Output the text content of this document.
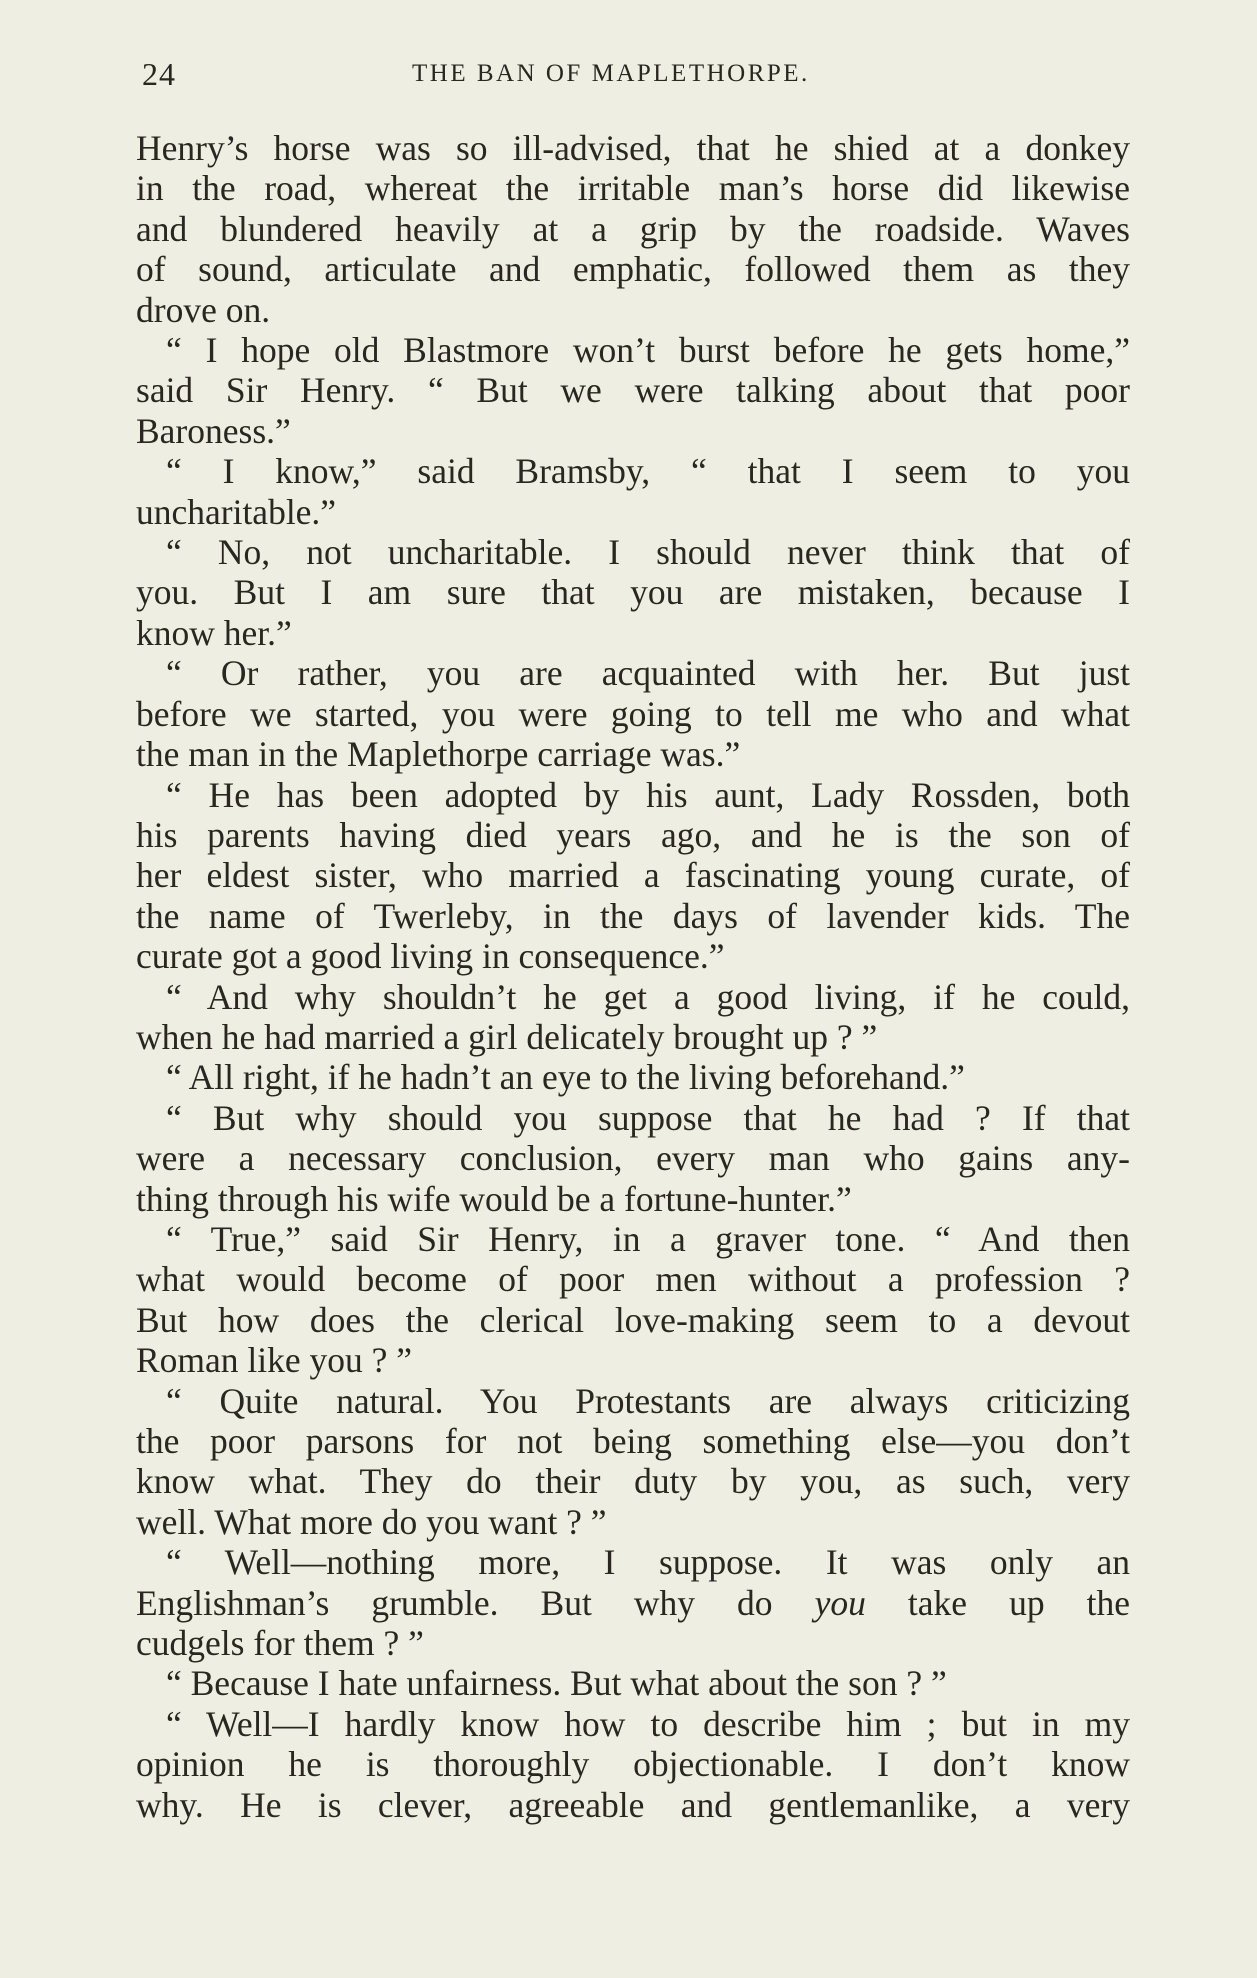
24	THE BAN OF MAPLETHORPE.
Henry’s horse was so ill-advised, that he shied at a donkey
in the road, whereat the irritable man’s horse did likewise
and blundered heavily at a grip by the roadside. Waves
of sound, articulate and emphatic, followed them as they
drove on.
“ I hope old Blastmore won’t burst before he gets home,”
said Sir Henry. “ But we were talking about that poor
Baroness.”
“ I know,” said Bramsby, “ that I seem to you
uncharitable.”
“ No, not uncharitable. I should never think that of
you. But I am sure that you are mistaken, because I
know her.”
“ Or rather, you are acquainted with her. But just
before we started, you were going to tell me who and what
the man in the Maplethorpe carriage was.”
“ He has been adopted by his aunt, Lady Rossden, both
his parents having died years ago, and he is the son of
her eldest sister, who married a fascinating young curate, of
the name of Twerleby, in the days of lavender kids. The
curate got a good living in consequence.”
“ And why shouldn’t he get a good living, if he could,
when he had married a girl delicately brought up ? ”
“ All right, if he hadn’t an eye to the living beforehand.”
“ But why should you suppose that he had ? If that
were a necessary conclusion, every man who gains any-
thing through his wife would be a fortune-hunter.”
“ True,” said Sir Henry, in a graver tone. “ And then
what would become of poor men without a profession ?
But how does the clerical love-making seem to a devout
Roman like you ? ”
“ Quite natural. You Protestants are always criticizing
the poor parsons for not being something else—you don’t
know what. They do their duty by you, as such, very
well. What more do you want ? ”
“ Well—nothing more, I suppose. It was only an
Englishman’s grumble. But why do you take up the
cudgels for them ? ”
“ Because I hate unfairness. But what about the son ? ”
“ Well—I hardly know how to describe him ; but in my
opinion he is thoroughly objectionable. I don’t know
why. He is clever, agreeable and gentlemanlike, a very
